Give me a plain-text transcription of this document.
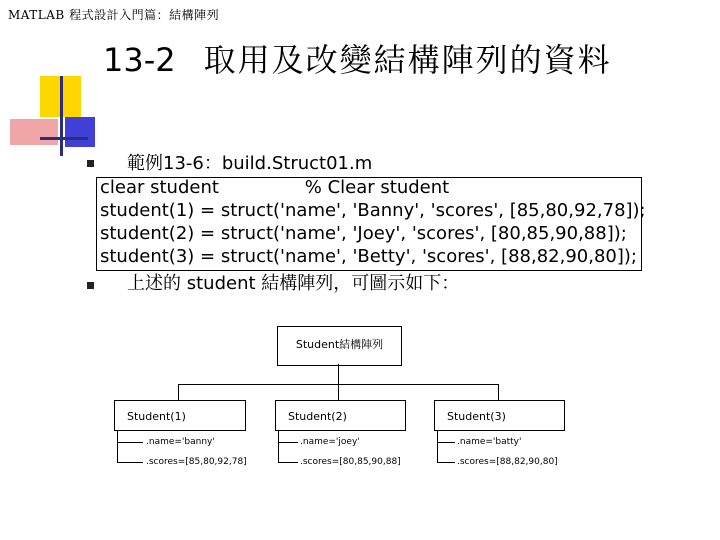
MATLAB 程式設計入門篇：結構陣列
13-2 取用及改變結構陣列的資料
範例13-6：build.Struct01.m
clear student               % Clear student
student(1) = struct('name', 'Banny', 'scores', [85,80,92,78]);
student(2) = struct('name', 'Joey', 'scores', [80,85,90,88]);
student(3) = struct('name', 'Betty', 'scores', [88,82,90,80]);
上述的 student 結構陣列，可圖示如下：
Student結構陣列
Student(1)
.name='banny'
.scores=[85,80,92,78]
Student(2)
.name='joey'
.scores=[80,85,90,88]
Student(3)
.name='batty'
.scores=[88,82,90,80]
